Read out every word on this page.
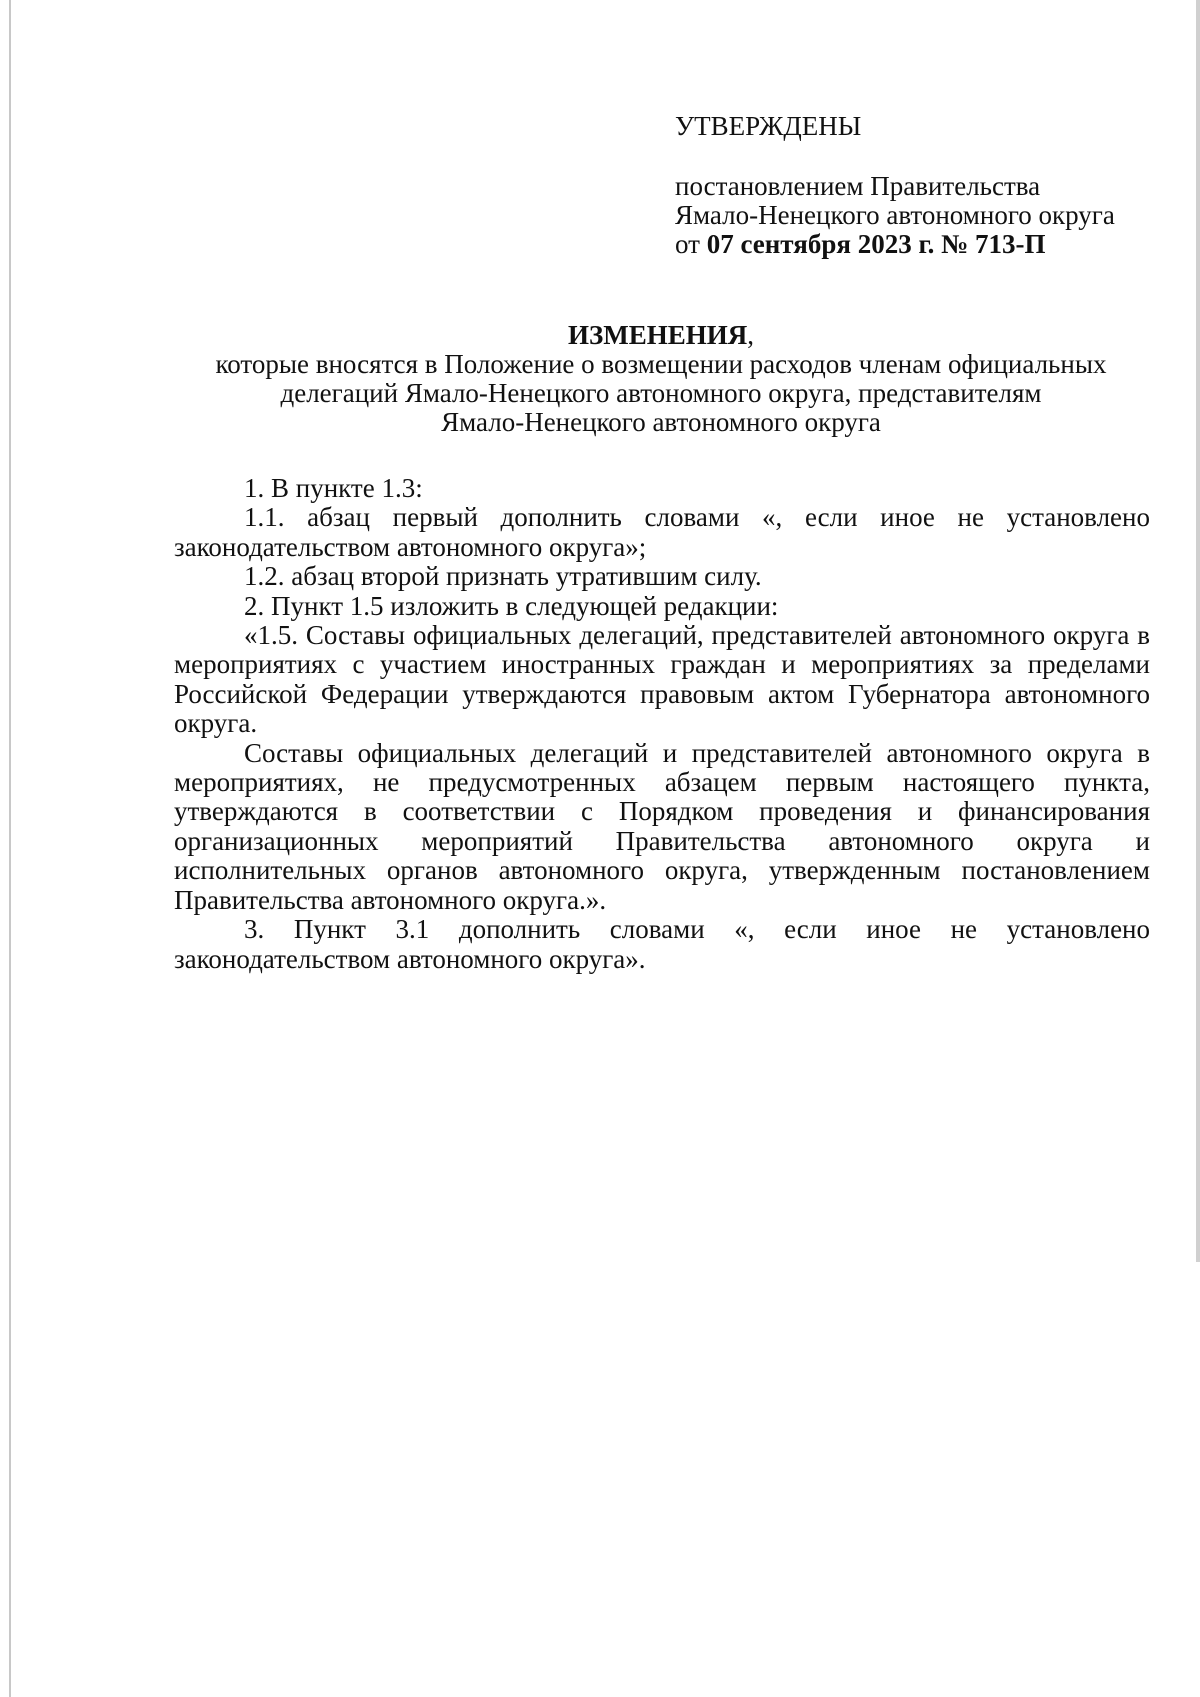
УТВЕРЖДЕНЫ
постановлением Правительства
Ямало-Ненецкого автономного округа
от 07 сентября 2023 г. № 713-П
ИЗМЕНЕНИЯ,
которые вносятся в Положение о возмещении расходов членам официальных
делегаций Ямало-Ненецкого автономного округа, представителям
Ямало-Ненецкого автономного округа

1. В пункте 1.3:

1.1. абзац первый дополнить словами «, если иное не установлено законодательством автономного округа»;

1.2. абзац второй признать утратившим силу.

2. Пункт 1.5 изложить в следующей редакции:

«1.5. Составы официальных делегаций, представителей автономного округа в мероприятиях с участием иностранных граждан и мероприятиях за пределами Российской Федерации утверждаются правовым актом Губернатора автономного округа.

Составы официальных делегаций и представителей автономного округа в мероприятиях, не предусмотренных абзацем первым настоящего пункта, утверждаются в соответствии с Порядком проведения и финансирования организационных мероприятий Правительства автономного округа и исполнительных органов автономного округа, утвержденным постановлением Правительства автономного округа.».

3. Пункт 3.1 дополнить словами «, если иное не установлено законодательством автономного округа».
